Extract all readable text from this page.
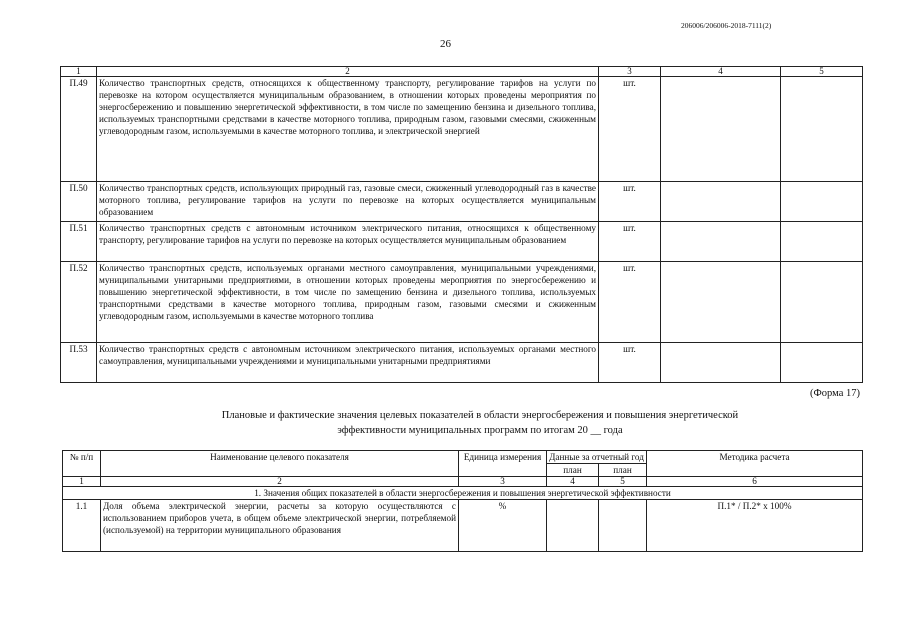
206006/206006-2018-7111(2)
26
1	2	3	4	5
П.49	Количество транспортных средств, относящихся к общественному транспорту, регулирование тарифов на услуги по перевозке на котором осуществляется муниципальным образованием, в отношении которых проведены мероприятия по энергосбережению и повышению энергетической эффективности, в том числе по замещению бензина и дизельного топлива, используемых транспортными средствами в качестве моторного топлива, природным газом, газовыми смесями, сжиженным углеводородным газом, используемыми в качестве моторного топлива, и электрической энергией	шт.		
П.50	Количество транспортных средств, использующих природный газ, газовые смеси, сжиженный углеводородный газ в качестве моторного топлива, регулирование тарифов на услуги по перевозке на которых осуществляется муниципальным образованием	шт.		
П.51	Количество транспортных средств с автономным источником электрического питания, относящихся к общественному транспорту, регулирование тарифов на услуги по перевозке на которых осуществляется муниципальным образованием	шт.		
П.52	Количество транспортных средств, используемых органами местного самоуправления, муниципальными учреждениями, муниципальными унитарными предприятиями, в отношении которых проведены мероприятия по энергосбережению и повышению энергетической эффективности, в том числе по замещению бензина и дизельного топлива, используемых транспортными средствами в качестве моторного топлива, природным газом, газовыми смесями и сжиженным углеводородным газом, используемыми в качестве моторного топлива	шт.		
П.53	Количество транспортных средств с автономным источником электрического питания, используемых органами местного самоуправления, муниципальными учреждениями и муниципальными унитарными предприятиями	шт.		
(Форма 17)
Плановые и фактические значения целевых показателей в области энергосбережения и повышения энергетической
эффективности муниципальных программ по итогам 20 __ года
№ п/п	Наименование целевого показателя	Единица измерения	Данные за отчетный год		Методика расчета
			план	план	
1	2	3	4	5	6
1. Значения общих показателей в области энергосбережения и повышения энергетической эффективности					
1.1	Доля объема электрической энергии, расчеты за которую осуществляются с использованием приборов учета, в общем объеме электрической энергии, потребляемой (используемой) на территории муниципального образования	%			П.1* / П.2* х 100%
